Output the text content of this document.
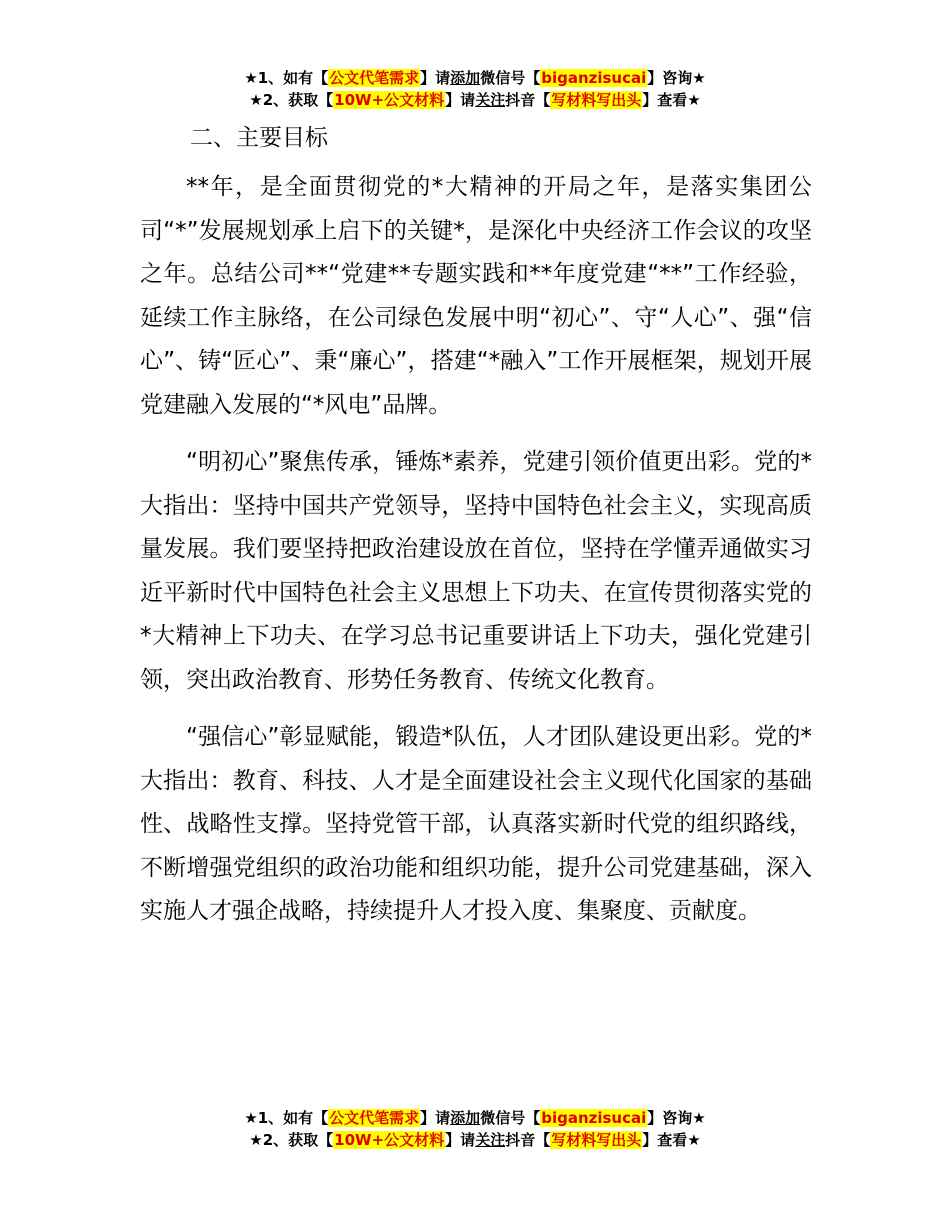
★1、如有【公文代笔需求】请添加微信号【biganzisucai】咨询★
★2、获取【10W+公文材料】请关注抖音【写材料写出头】查看★

二、主要目标

**年，是全面贯彻党的*大精神的开局之年，是落实集团公司“*”发展规划承上启下的关键*，是深化中央经济工作会议的攻坚之年。总结公司**“党建**专题实践和**年度党建“**”工作经验，延续工作主脉络，在公司绿色发展中明“初心”、守“人心”、强“信心”、铸“匠心”、秉“廉心”，搭建“*融入”工作开展框架，规划开展党建融入发展的“*风电”品牌。

“明初心”聚焦传承，锤炼*素养，党建引领价值更出彩。党的*大指出：坚持中国共产党领导，坚持中国特色社会主义，实现高质量发展。我们要坚持把政治建设放在首位，坚持在学懂弄通做实习近平新时代中国特色社会主义思想上下功夫、在宣传贯彻落实党的*大精神上下功夫、在学习总书记重要讲话上下功夫，强化党建引领，突出政治教育、形势任务教育、传统文化教育。

“强信心”彰显赋能，锻造*队伍，人才团队建设更出彩。党的*大指出：教育、科技、人才是全面建设社会主义现代化国家的基础性、战略性支撑。坚持党管干部，认真落实新时代党的组织路线，不断增强党组织的政治功能和组织功能，提升公司党建基础，深入实施人才强企战略，持续提升人才投入度、集聚度、贡献度。

★1、如有【公文代笔需求】请添加微信号【biganzisucai】咨询★
★2、获取【10W+公文材料】请关注抖音【写材料写出头】查看★
